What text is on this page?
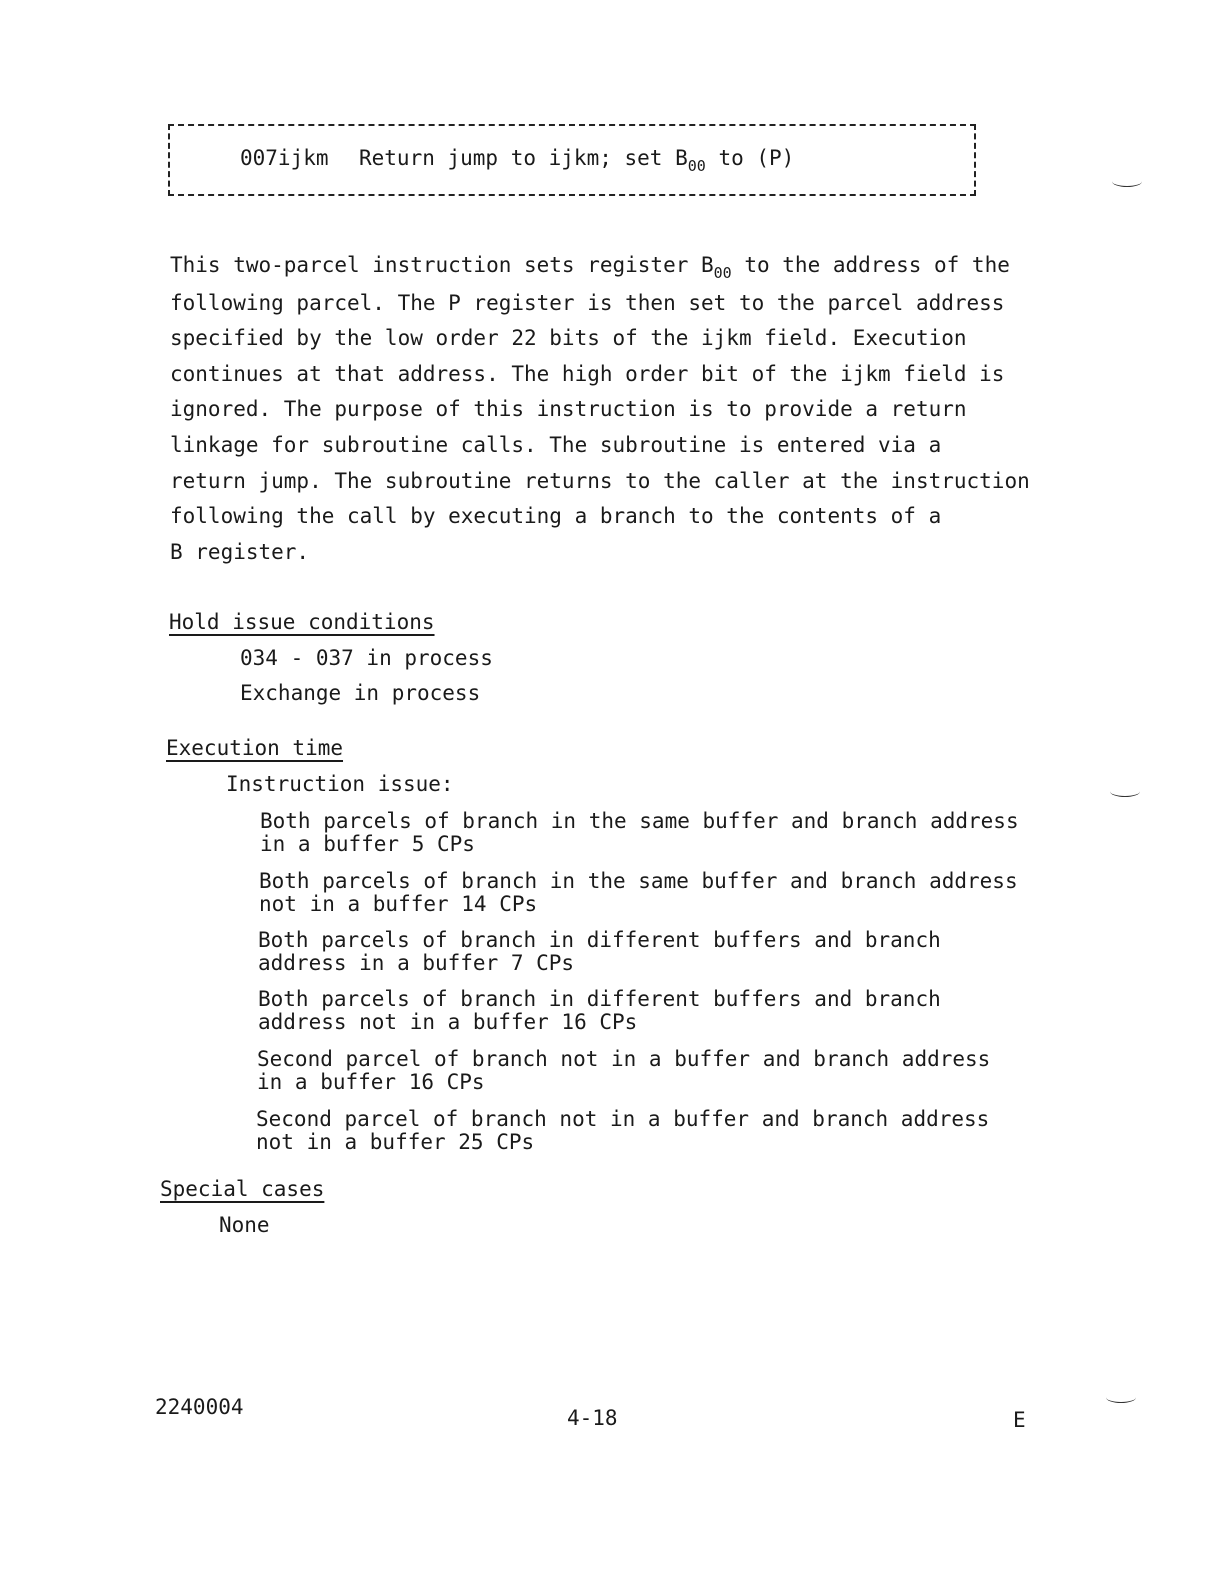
007ijkm Return jump to ijkm; set $B_{00}$ to (P)
This two-parcel instruction sets register $B_{00}$ to the address of the
following parcel. The P register is then set to the parcel address
specified by the low order 22 bits of the ijkm field. Execution
continues at that address. The high order bit of the ijkm field is
ignored. The purpose of this instruction is to provide a return
linkage for subroutine calls. The subroutine is entered via a
return jump. The subroutine returns to the caller at the instruction
following the call by executing a branch to the contents of a
B register.
Hold issue conditions
034 - 037 in process
Exchange in process
Execution time
Instruction issue:
Both parcels of branch in the same buffer and branch address
in a buffer 5 CPs
Both parcels of branch in the same buffer and branch address
not in a buffer 14 CPs
Both parcels of branch in different buffers and branch
address in a buffer 7 CPs
Both parcels of branch in different buffers and branch
address not in a buffer 16 CPs
Second parcel of branch not in a buffer and branch address
in a buffer 16 CPs
Second parcel of branch not in a buffer and branch address
not in a buffer 25 CPs
Special cases
None
2240004	4-18	E
